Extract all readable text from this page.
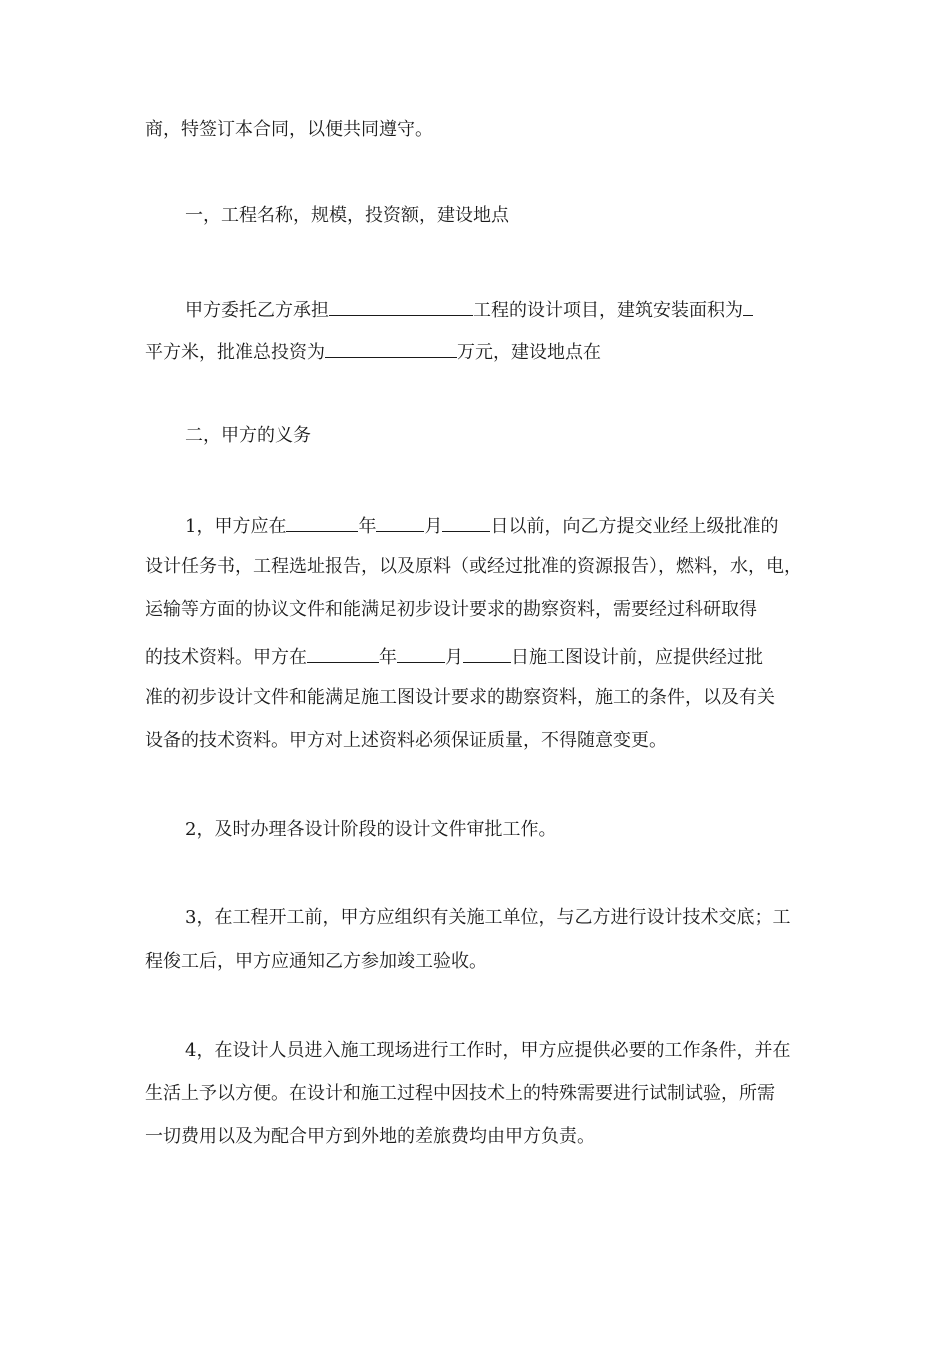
商，特签订本合同，以便共同遵守。
一，工程名称，规模，投资额，建设地点
甲方委托乙方承担	工程的设计项目，建筑安装面积为
平方米，批准总投资为	万元，建设地点在
二，甲方的义务
1，甲方应在	年	月	日以前，向乙方提交业经上级批准的
设计任务书，工程选址报告，以及原料（或经过批准的资源报告），燃料，水，电，
运输等方面的协议文件和能满足初步设计要求的勘察资料，需要经过科研取得
的技术资料。甲方在	年	月	日施工图设计前，应提供经过批
准的初步设计文件和能满足施工图设计要求的勘察资料，施工的条件，以及有关
设备的技术资料。甲方对上述资料必须保证质量，不得随意变更。
2，及时办理各设计阶段的设计文件审批工作。
3，在工程开工前，甲方应组织有关施工单位，与乙方进行设计技术交底；工
程俊工后，甲方应通知乙方参加竣工验收。
4，在设计人员进入施工现场进行工作时，甲方应提供必要的工作条件，并在
生活上予以方便。在设计和施工过程中因技术上的特殊需要进行试制试验，所需
一切费用以及为配合甲方到外地的差旅费均由甲方负责。
